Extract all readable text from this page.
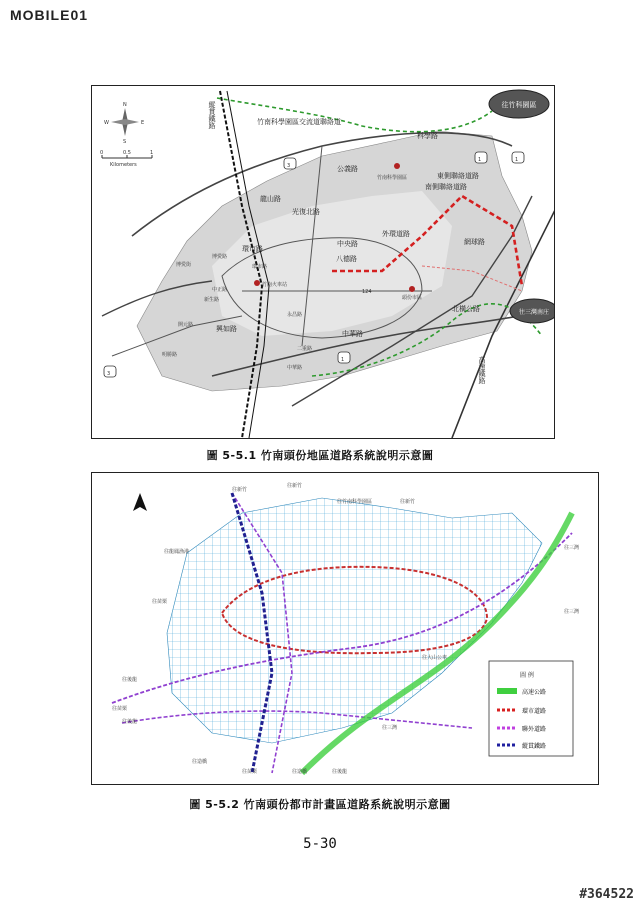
MOBILE01
1
3
1
3
1
往竹科園區
往三灣南庄
N
S
E
W
0	0.5	1
Kilometers
縱貫鐵路	竹南科學園區交流道聯絡道
科學路
公義路
竹南科學園區	東側聯絡道路
南側聯絡道路
龍山路
光復北路
中央路
外環道路
環市路
網球路
八德路
博愛街
博愛路
新生路
中正路
環市路
竹南火車站
頭份市區
興如路
永昌路
開元路
明勝路
中華路
二重路
中華路
北橫公路
高速鐵路
124
圖 5-5.1 竹南頭份地區道路系統說明示意圖
圖 例
高速公路
環市道路
聯外道路
縱貫鐵路
往新竹
往新竹
往竹南科學園區	往新竹
往三灣
往龍鳳漁港
往苗栗
往三灣
往後龍
往苗栗
往三灣
往後龍
往造橋
往苗栗	往造橋	往後龍
往大山公車
圖 5-5.2 竹南頭份都市計畫區道路系統說明示意圖
5-30
#364522
